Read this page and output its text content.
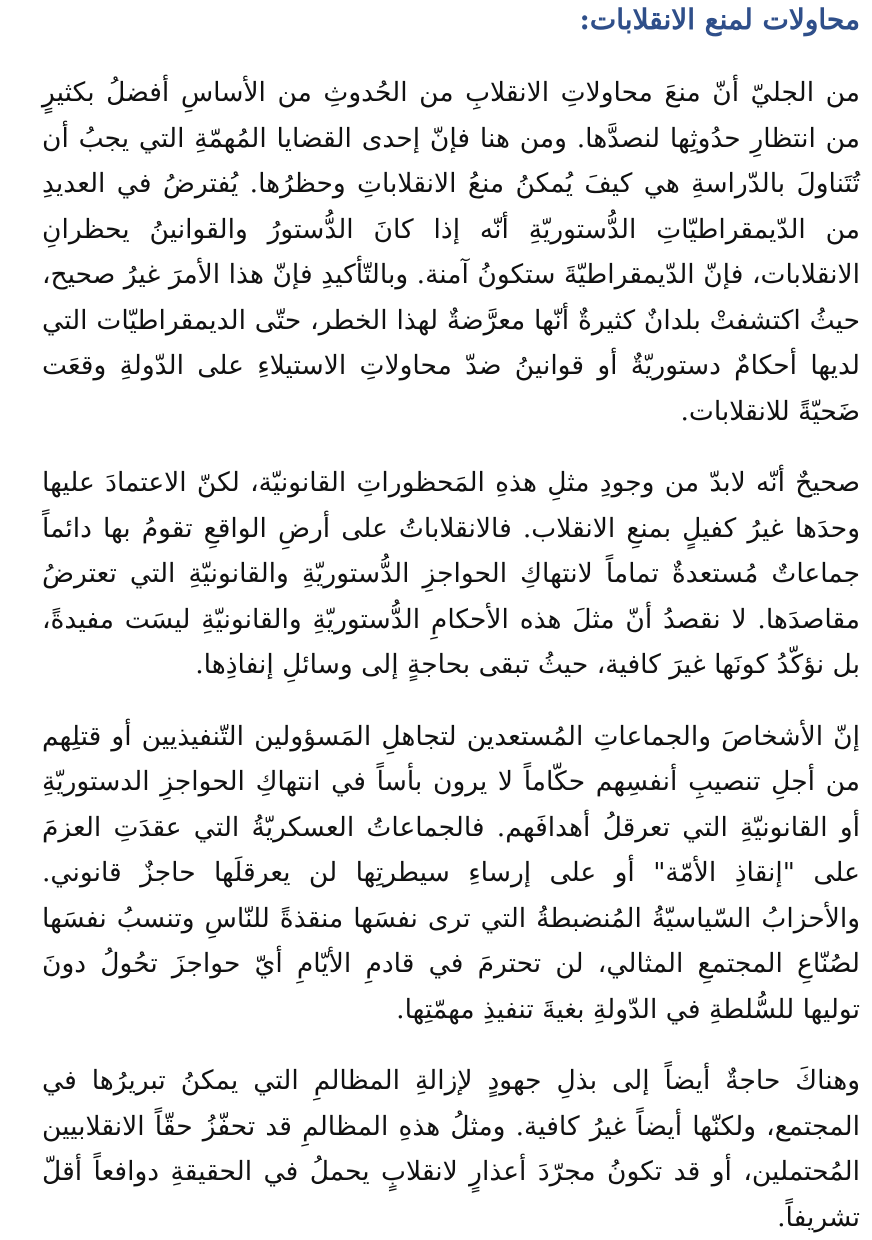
محاولات لمنع الانقلابات:

من الجليّ أنّ منعَ محاولاتِ الانقلابِ من الحُدوثِ من الأساسِ أفضلُ بكثيرٍ من انتظارِ حدُوثِها لنصدَّها. ومن هنا فإنّ إحدى القضايا المُهمّةِ التي يجبُ أن تُتَناولَ بالدّراسةِ هي كيفَ يُمكنُ منعُ الانقلاباتِ وحظرُها. يُفترضُ في العديدِ من الدّيمقراطيّاتِ الدُّستوريّةِ أنّه إذا كانَ الدُّستورُ والقوانينُ يحظرانِ الانقلابات، فإنّ الدّيمقراطيّةَ ستكونُ آمنة. وبالتّأكيدِ فإنّ هذا الأمرَ غيرُ صحيح، حيثُ اكتشفتْ بلدانٌ كثيرةٌ أنّها معرَّضةٌ لهذا الخطر، حتّى الديمقراطيّات التي لديها أحكامٌ دستوريّةٌ أو قوانينُ ضدّ محاولاتِ الاستيلاءِ على الدّولةِ وقعَت ضَحيّةً للانقلابات.

صحيحٌ أنّه لابدّ من وجودِ مثلِ هذهِ المَحظوراتِ القانونيّة، لكنّ الاعتمادَ عليها وحدَها غيرُ كفيلٍ بمنعِ الانقلاب. فالانقلاباتُ على أرضِ الواقعِ تقومُ بها دائماً جماعاتٌ مُستعدةٌ تماماً لانتهاكِ الحواجزِ الدُّستوريّةِ والقانونيّةِ التي تعترضُ مقاصدَها. لا نقصدُ أنّ مثلَ هذه الأحكامِ الدُّستوريّةِ والقانونيّةِ ليسَت مفيدةً، بل نؤكّدُ كونَها غيرَ كافية، حيثُ تبقى بحاجةٍ إلى وسائلِ إنفاذِها.

إنّ الأشخاصَ والجماعاتِ المُستعدين لتجاهلِ المَسؤولين التّنفيذيين أو قتلِهم من أجلِ تنصيبِ أنفسِهم حكّاماً لا يرون بأساً في انتهاكِ الحواجزِ الدستوريّةِ أو القانونيّةِ التي تعرقلُ أهدافَهم. فالجماعاتُ العسكريّةُ التي عقدَتِ العزمَ على "إنقاذِ الأمّة" أو على إرساءِ سيطرتِها لن يعرقلَها حاجزٌ قانوني. والأحزابُ السّياسيّةُ المُنضبطةُ التي ترى نفسَها منقذةً للنّاسِ وتنسبُ نفسَها لصُنّاعِ المجتمعِ المثالي، لن تحترمَ في قادمِ الأيّامِ أيّ حواجزَ تحُولُ دونَ توليها للسُّلطةِ في الدّولةِ بغيةَ تنفيذِ مهمّتِها.

وهناكَ حاجةٌ أيضاً إلى بذلِ جهودٍ لإزالةِ المظالمِ التي يمكنُ تبريرُها في المجتمع، ولكنّها أيضاً غيرُ كافية. ومثلُ هذهِ المظالمِ قد تحفّزُ حقّاً الانقلابيين المُحتملين، أو قد تكونُ مجرّدَ أعذارٍ لانقلابٍ يحملُ في الحقيقةِ دوافعاً أقلّ تشريفاً.
